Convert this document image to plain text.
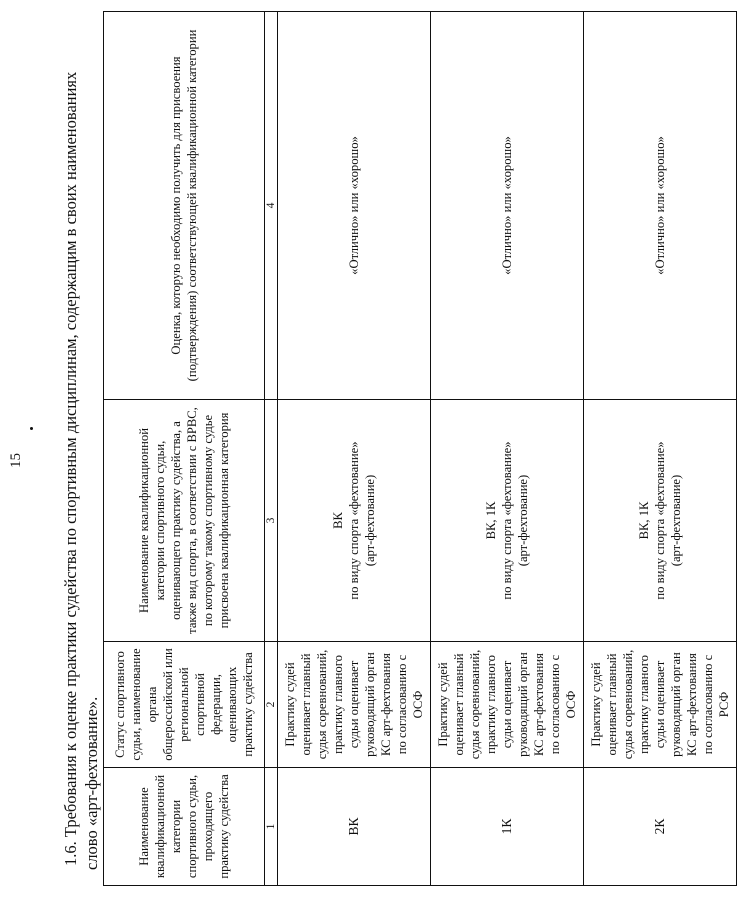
15 1.6. Требования к оценке практики судейства по спортивным дисциплинам, содержащим в своих наименованиях слово «арт-фехтование».	Наименование квалификационной категории спортивного судьи, проходящего практику судейства	Статус спортивного судьи, наименование органа общероссийской или региональной спортивной федерации, оценивающих практику судейства	Наименование квалификационной категории спортивного судьи, оценивающего практику судейства, а также вид спорта, в соответствии с ВРВС, по которому такому спортивному судье присвоена квалификационная категория	Оценка, которую необходимо получить для присвоения (подтверждения) соответствующей квалификационной категории
1	2	3	4
ВК	Практику судей оценивает главный судья соревнований, практику главного судьи оценивает руководящий орган КС арт-фехтования по согласованию с ОСФ	ВК
по виду спорта «фехтование»
(арт-фехтование)	«Отлично» или «хорошо»
1К	Практику судей оценивает главный судья соревнований, практику главного судьи оценивает руководящий орган КС арт-фехтования по согласованию с ОСФ	ВК, 1К
по виду спорта «фехтование»
(арт-фехтование)	«Отлично» или «хорошо»
2К	Практику судей оценивает главный судья соревнований, практику главного судьи оценивает руководящий орган КС арт-фехтования по согласованию с РСФ	ВК, 1К
по виду спорта «фехтование»
(арт-фехтование)	«Отлично» или «хорошо»
